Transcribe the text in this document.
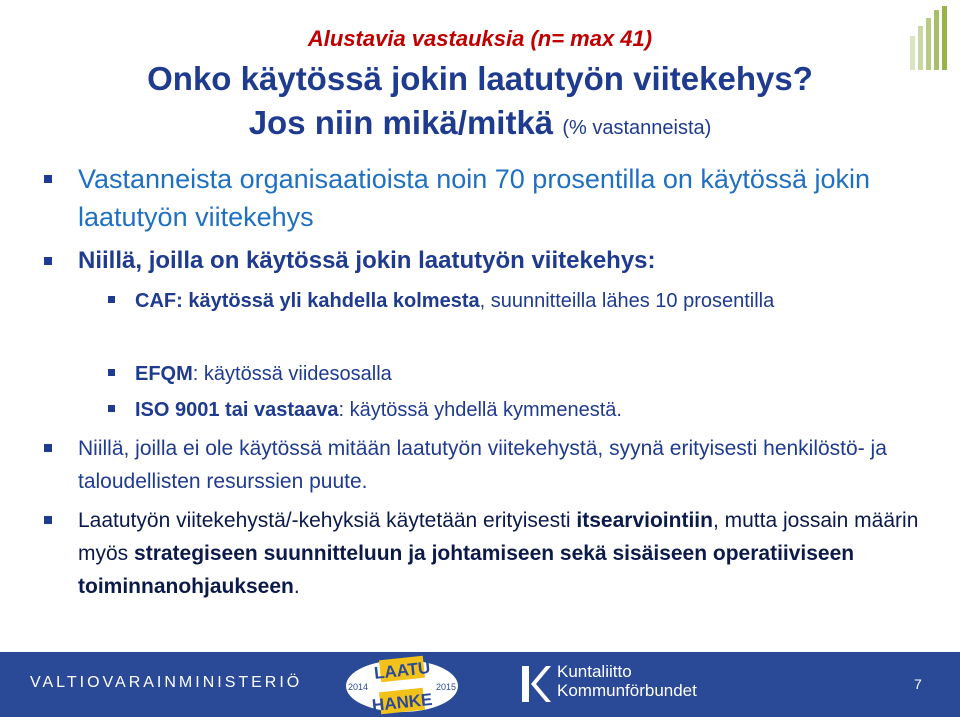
Alustavia vastauksia (n= max 41)
Onko käytössä jokin laatutyön viitekehys?
Jos niin mikä/mitkä (% vastanneista)
Vastanneista organisaatioista noin 70 prosentilla on käytössä jokin laatutyön viitekehys
Niillä, joilla on käytössä jokin laatutyön viitekehys:
CAF: käytössä yli kahdella kolmesta, suunnitteilla lähes 10 prosentilla
EFQM: käytössä viidesosalla
ISO 9001 tai vastaava: käytössä yhdellä kymmenestä.
Niillä, joilla ei ole käytössä mitään laatutyön viitekehystä, syynä erityisesti henkilöstö- ja taloudellisten resurssien puute.
Laatutyön viitekehystä/-kehyksiä käytetään erityisesti itsearviointiin, mutta jossain määrin myös strategiseen suunnitteluun ja johtamiseen sekä sisäiseen operatiiviseen toiminnanohjaukseen.
VALTIOVARAINMINISTERIÖ	LAATU
HANKE
2014	2015
Kuntaliitto
Kommunförbundet	7
